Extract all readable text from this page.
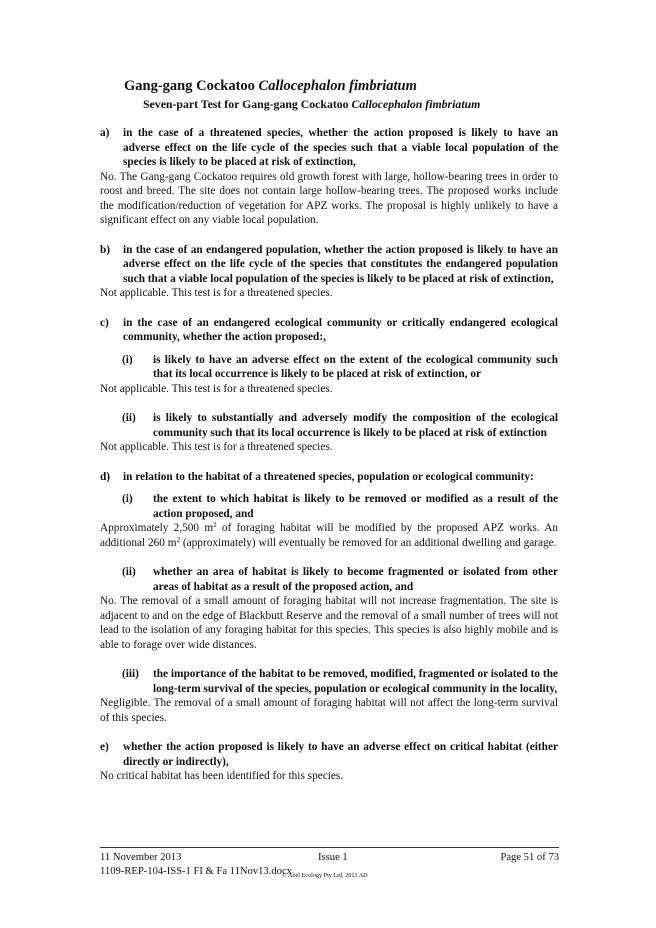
Gang-gang Cockatoo Callocephalon fimbriatum
Seven-part Test for Gang-gang Cockatoo Callocephalon fimbriatum

a) in the case of a threatened species, whether the action proposed is likely to have an adverse effect on the life cycle of the species such that a viable local population of the species is likely to be placed at risk of extinction,

No. The Gang-gang Cockatoo requires old growth forest with large, hollow-bearing trees in order to roost and breed. The site does not contain large hollow-bearing trees. The proposed works include the modification/reduction of vegetation for APZ works. The proposal is highly unlikely to have a significant effect on any viable local population.

b) in the case of an endangered population, whether the action proposed is likely to have an adverse effect on the life cycle of the species that constitutes the endangered population such that a viable local population of the species is likely to be placed at risk of extinction,

Not applicable. This test is for a threatened species.

c) in the case of an endangered ecological community or critically endangered ecological community, whether the action proposed:,

(i) is likely to have an adverse effect on the extent of the ecological community such that its local occurrence is likely to be placed at risk of extinction, or

Not applicable. This test is for a threatened species.

(ii) is likely to substantially and adversely modify the composition of the ecological community such that its local occurrence is likely to be placed at risk of extinction

Not applicable. This test is for a threatened species.

d) in relation to the habitat of a threatened species, population or ecological community:

(i) the extent to which habitat is likely to be removed or modified as a result of the action proposed, and

Approximately 2,500 $m^2$ of foraging habitat will be modified by the proposed APZ works. An additional 260 $m^2$ (approximately) will eventually be removed for an additional dwelling and garage.

(ii) whether an area of habitat is likely to become fragmented or isolated from other areas of habitat as a result of the proposed action, and

No. The removal of a small amount of foraging habitat will not increase fragmentation. The site is adjacent to and on the edge of Blackbutt Reserve and the removal of a small number of trees will not lead to the isolation of any foraging habitat for this species. This species is also highly mobile and is able to forage over wide distances.

(iii) the importance of the habitat to be removed, modified, fragmented or isolated to the long-term survival of the species, population or ecological community in the locality,

Negligible. The removal of a small amount of foraging habitat will not affect the long-term survival of this species.

e) whether the action proposed is likely to have an adverse effect on critical habitat (either directly or indirectly),

No critical habitat has been identified for this species.

11 November 2013	Issue 1	Page 51 of 73
1109-REP-104-ISS-1 FI & Fa 11Nov13.docx
© Abel Ecology Pty Ltd, 2013 AD
